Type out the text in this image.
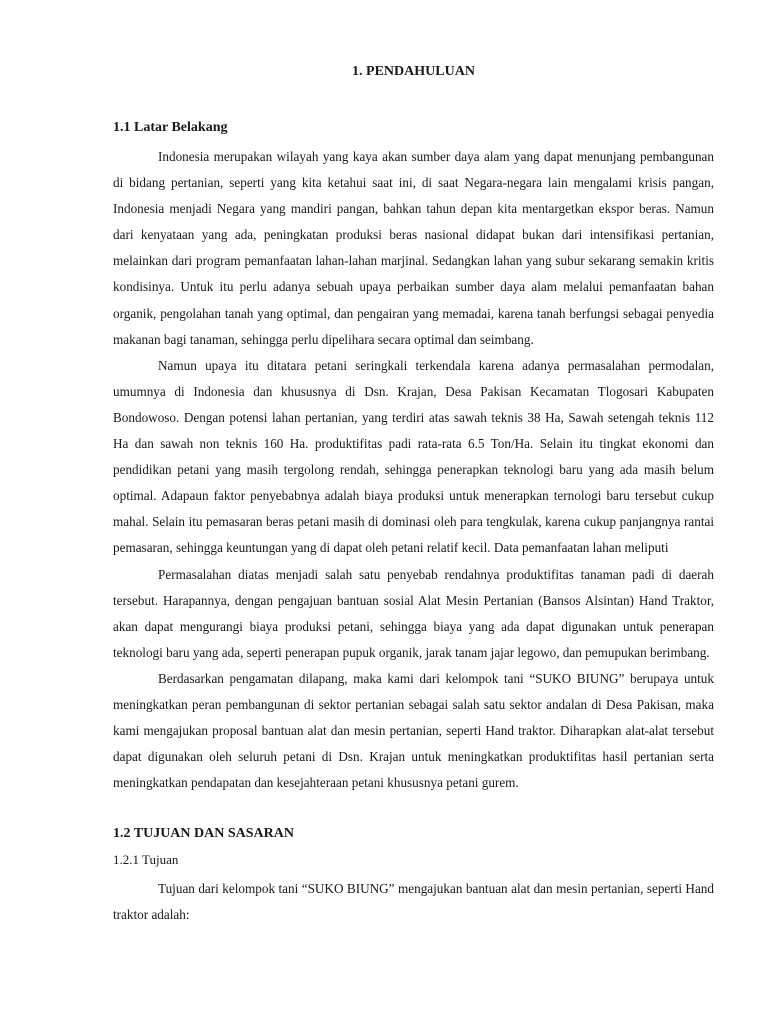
1. PENDAHULUAN
1.1 Latar Belakang

Indonesia merupakan wilayah yang kaya akan sumber daya alam yang dapat menunjang pembangunan di bidang pertanian, seperti yang kita ketahui saat ini, di saat Negara-negara lain mengalami krisis pangan, Indonesia menjadi Negara yang mandiri pangan, bahkan tahun depan kita mentargetkan ekspor beras. Namun dari kenyataan yang ada, peningkatan produksi beras nasional didapat bukan dari intensifikasi pertanian, melainkan dari program pemanfaatan lahan-lahan marjinal. Sedangkan lahan yang subur sekarang semakin kritis kondisinya. Untuk itu perlu adanya sebuah upaya perbaikan sumber daya alam melalui pemanfaatan bahan organik, pengolahan tanah yang optimal, dan pengairan yang memadai, karena tanah berfungsi sebagai penyedia makanan bagi tanaman, sehingga perlu dipelihara secara optimal dan seimbang.

Namun upaya itu ditatara petani seringkali terkendala karena adanya permasalahan permodalan, umumnya di Indonesia dan khususnya di Dsn. Krajan, Desa Pakisan Kecamatan Tlogosari Kabupaten Bondowoso. Dengan potensi lahan pertanian, yang terdiri atas sawah teknis 38 Ha, Sawah setengah teknis 112 Ha dan sawah non teknis 160 Ha. produktifitas padi rata-rata 6.5 Ton/Ha. Selain itu tingkat ekonomi dan pendidikan petani yang masih tergolong rendah, sehingga penerapkan teknologi baru yang ada masih belum optimal. Adapaun faktor penyebabnya adalah biaya produksi untuk menerapkan ternologi baru tersebut cukup mahal. Selain itu pemasaran beras petani masih di dominasi oleh para tengkulak, karena cukup panjangnya rantai pemasaran, sehingga keuntungan yang di dapat oleh petani relatif kecil. Data pemanfaatan lahan meliputi

Permasalahan diatas menjadi salah satu penyebab rendahnya produktifitas tanaman padi di daerah tersebut. Harapannya, dengan pengajuan bantuan sosial Alat Mesin Pertanian (Bansos Alsintan) Hand Traktor, akan dapat mengurangi biaya produksi petani, sehingga biaya yang ada dapat digunakan untuk penerapan teknologi baru yang ada, seperti penerapan pupuk organik, jarak tanam jajar legowo, dan pemupukan berimbang.

Berdasarkan pengamatan dilapang, maka kami dari kelompok tani “SUKO BIUNG” berupaya untuk meningkatkan peran pembangunan di sektor pertanian sebagai salah satu sektor andalan di Desa Pakisan, maka kami mengajukan proposal bantuan alat dan mesin pertanian, seperti Hand traktor. Diharapkan alat-alat tersebut dapat digunakan oleh seluruh petani di Dsn. Krajan untuk meningkatkan produktifitas hasil pertanian serta meningkatkan pendapatan dan kesejahteraan petani khususnya petani gurem.

1.2 TUJUAN DAN SASARAN
1.2.1 Tujuan

Tujuan dari kelompok tani “SUKO BIUNG” mengajukan bantuan alat dan mesin pertanian, seperti Hand traktor adalah:
